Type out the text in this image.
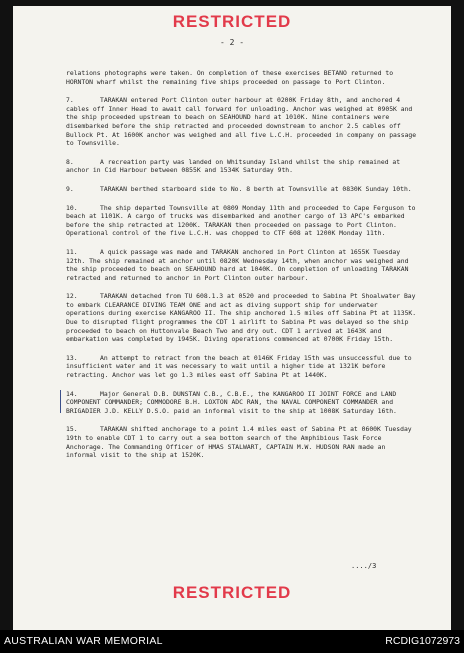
RESTRICTED
- 2 -

relations photographs were taken. On completion of these exercises BETANO returned to HORNTON wharf whilst the remaining five ships proceeded on passage to Port Clinton.

7.	TARAKAN entered Port Clinton outer harbour at 0200K Friday 8th, and anchored 4 cables off Inner Head to await call forward for unloading. Anchor was weighed at 0905K and the ship proceeded upstream to beach on SEAHOUND hard at 1010K. Nine containers were disembarked before the ship retracted and proceeded downstream to anchor 2.5 cables off Bullock Pt. At 1600K anchor was weighed and all five L.C.H. proceeded in company on passage to Townsville.

8.	A recreation party was landed on Whitsunday Island whilst the ship remained at anchor in Cid Harbour between 0855K and 1534K Saturday 9th.

9.	TARAKAN berthed starboard side to No. 8 berth at Townsville at 0830K Sunday 10th.

10.	The ship departed Townsville at 0809 Monday 11th and proceeded to Cape Ferguson to beach at 1101K. A cargo of trucks was disembarked and another cargo of 13 APC's embarked before the ship retracted at 1200K. TARAKAN then proceeded on passage to Port Clinton. Operational control of the five L.C.H. was chopped to CTF 608 at 1200K Monday 11th.

11.	A quick passage was made and TARAKAN anchored in Port Clinton at 1655K Tuesday 12th. The ship remained at anchor until 0820K Wednesday 14th, when anchor was weighed and the ship proceeded to beach on SEAHOUND hard at 1040K. On completion of unloading TARAKAN retracted and returned to anchor in Port Clinton outer harbour.

12.	TARAKAN detached from TU 608.1.3 at 0520 and proceeded to Sabina Pt Shoalwater Bay to embark CLEARANCE DIVING TEAM ONE and act as diving support ship for underwater operations during exercise KANGAROO II. The ship anchored 1.5 miles off Sabina Pt at 1135K. Due to disrupted flight programmes the CDT 1 airlift to Sabina Pt was delayed so the ship proceeded to beach on Huttonvale Beach Two and dry out. CDT 1 arrived at 1643K and embarkation was completed by 1945K. Diving operations commenced at 0700K Friday 15th.

13.	An attempt to retract from the beach at 0146K Friday 15th was unsuccessful due to insufficient water and it was necessary to wait until a higher tide at 1321K before retracting. Anchor was let go 1.3 miles east off Sabina Pt at 1440K.

14.	Major General D.B. DUNSTAN C.B., C.B.E., the KANGAROO II JOINT FORCE and LAND COMPONENT COMMANDER; COMMODORE B.H. LOXTON ADC RAN, the NAVAL COMPONENT COMMANDER and BRIGADIER J.D. KELLY D.S.O. paid an informal visit to the ship at 1008K Saturday 16th.

15.	TARAKAN shifted anchorage to a point 1.4 miles east of Sabina Pt at 0600K Tuesday 19th to enable CDT 1 to carry out a sea bottom search of the Amphibious Task Force Anchorage. The Commanding Officer of HMAS STALWART, CAPTAIN M.W. HUDSON RAN made an informal visit to the ship at 1520K.

..../3
RESTRICTED
AUSTRALIAN WAR MEMORIAL	RCDIG1072973
